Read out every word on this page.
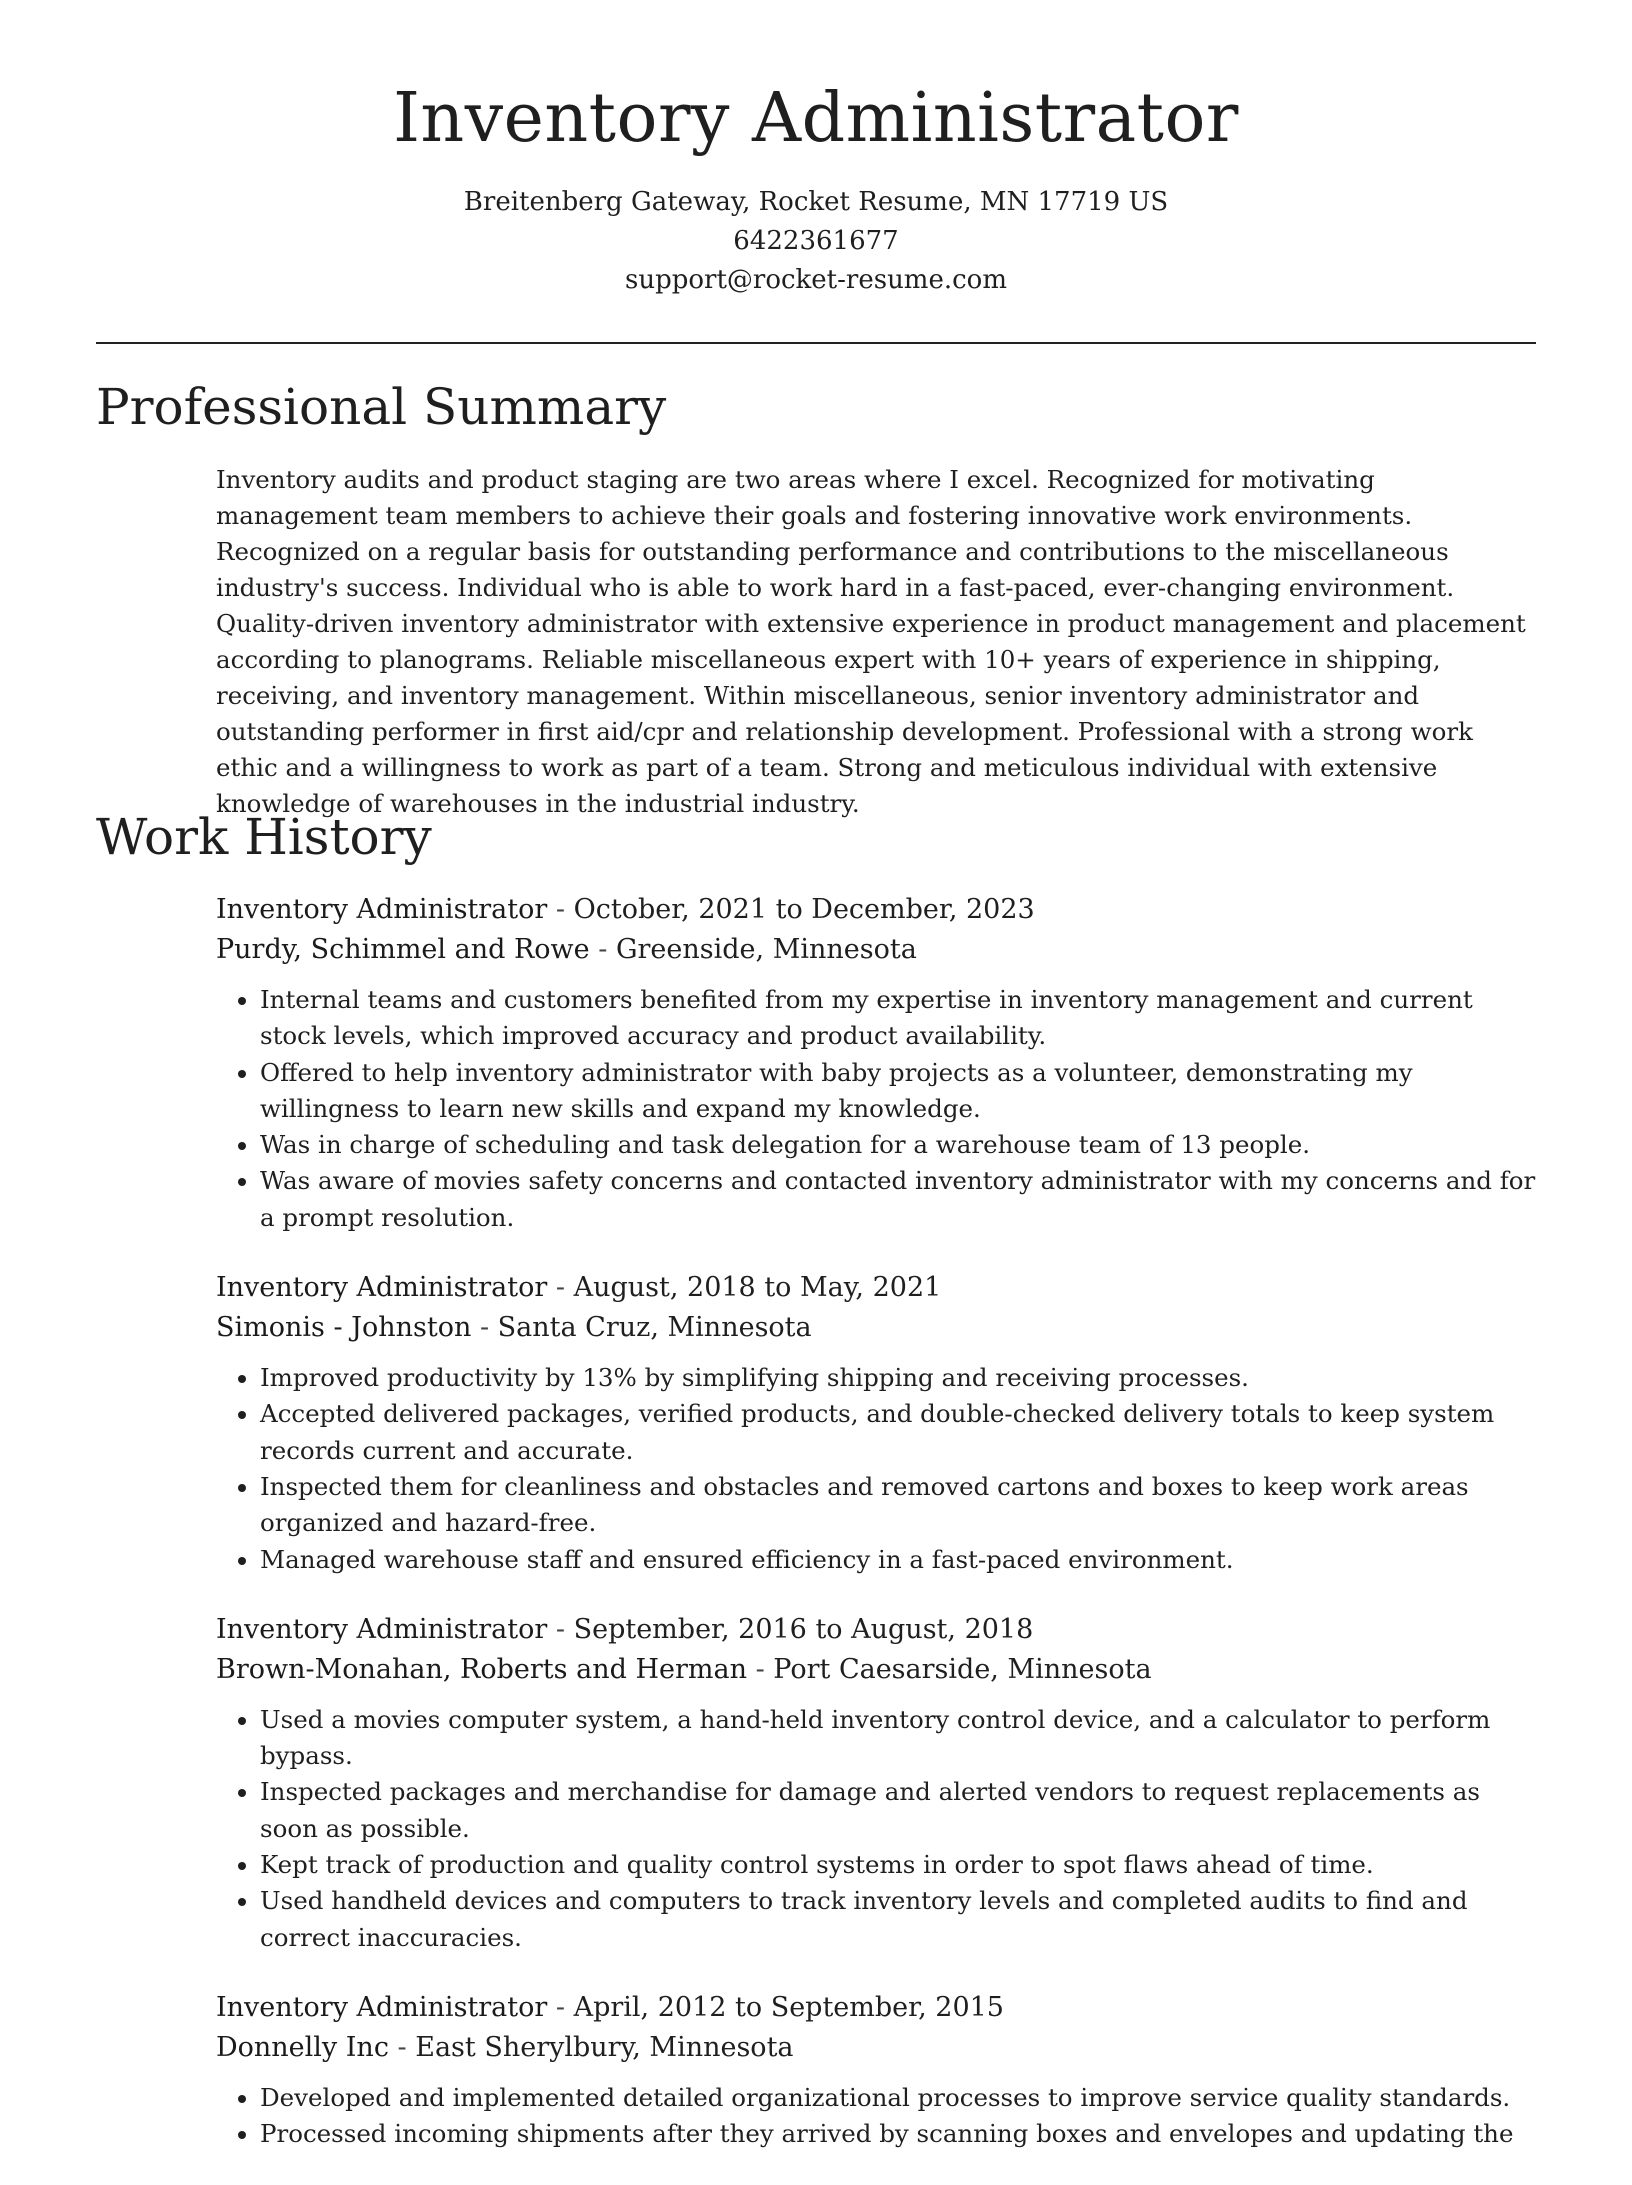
Inventory Administrator
Breitenberg Gateway, Rocket Resume, MN 17719 US
6422361677
support@rocket-resume.com
Professional Summary

Inventory audits and product staging are two areas where I excel. Recognized for motivating management team members to achieve their goals and fostering innovative work environments. Recognized on a regular basis for outstanding performance and contributions to the miscellaneous industry's success. Individual who is able to work hard in a fast-paced, ever-changing environment. Quality-driven inventory administrator with extensive experience in product management and placement according to planograms. Reliable miscellaneous expert with 10+ years of experience in shipping, receiving, and inventory management. Within miscellaneous, senior inventory administrator and outstanding performer in first aid/cpr and relationship development. Professional with a strong work ethic and a willingness to work as part of a team. Strong and meticulous individual with extensive knowledge of warehouses in the industrial industry.

Work History
Inventory Administrator - October, 2021 to December, 2023
Purdy, Schimmel and Rowe - Greenside, Minnesota
• Internal teams and customers benefited from my expertise in inventory management and current stock levels, which improved accuracy and product availability.
• Offered to help inventory administrator with baby projects as a volunteer, demonstrating my willingness to learn new skills and expand my knowledge.
• Was in charge of scheduling and task delegation for a warehouse team of 13 people.
• Was aware of movies safety concerns and contacted inventory administrator with my concerns and for a prompt resolution.
Inventory Administrator - August, 2018 to May, 2021
Simonis - Johnston - Santa Cruz, Minnesota
• Improved productivity by 13% by simplifying shipping and receiving processes.
• Accepted delivered packages, verified products, and double-checked delivery totals to keep system records current and accurate.
• Inspected them for cleanliness and obstacles and removed cartons and boxes to keep work areas organized and hazard-free.
• Managed warehouse staff and ensured efficiency in a fast-paced environment.
Inventory Administrator - September, 2016 to August, 2018
Brown-Monahan, Roberts and Herman - Port Caesarside, Minnesota
• Used a movies computer system, a hand-held inventory control device, and a calculator to perform bypass.
• Inspected packages and merchandise for damage and alerted vendors to request replacements as soon as possible.
• Kept track of production and quality control systems in order to spot flaws ahead of time.
• Used handheld devices and computers to track inventory levels and completed audits to find and correct inaccuracies.
Inventory Administrator - April, 2012 to September, 2015
Donnelly Inc - East Sherylbury, Minnesota
• Developed and implemented detailed organizational processes to improve service quality standards.
• Processed incoming shipments after they arrived by scanning boxes and envelopes and updating the
